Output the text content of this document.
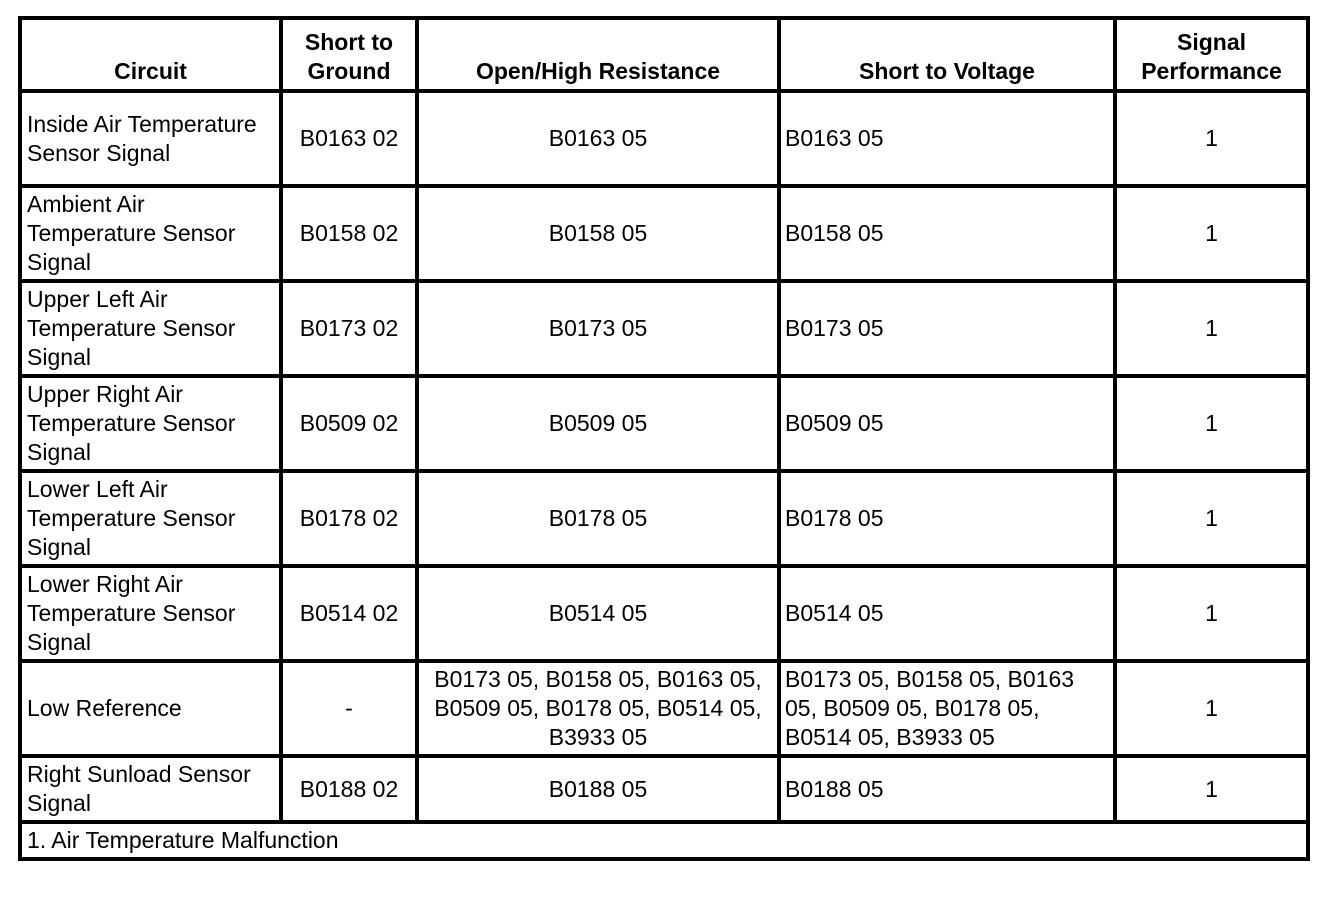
Circuit	Short to Ground	Open/High Resistance	Short to Voltage	Signal Performance
Inside Air Temperature Sensor Signal	B0163 02	B0163 05	B0163 05	1
Ambient Air Temperature Sensor Signal	B0158 02	B0158 05	B0158 05	1
Upper Left Air Temperature Sensor Signal	B0173 02	B0173 05	B0173 05	1
Upper Right Air Temperature Sensor Signal	B0509 02	B0509 05	B0509 05	1
Lower Left Air Temperature Sensor Signal	B0178 02	B0178 05	B0178 05	1
Lower Right Air Temperature Sensor Signal	B0514 02	B0514 05	B0514 05	1
Low Reference	-	B0173 05, B0158 05, B0163 05, B0509 05, B0178 05, B0514 05, B3933 05	B0173 05, B0158 05, B0163 05, B0509 05, B0178 05, B0514 05, B3933 05	1
Right Sunload Sensor Signal	B0188 02	B0188 05	B0188 05	1
1. Air Temperature Malfunction				
